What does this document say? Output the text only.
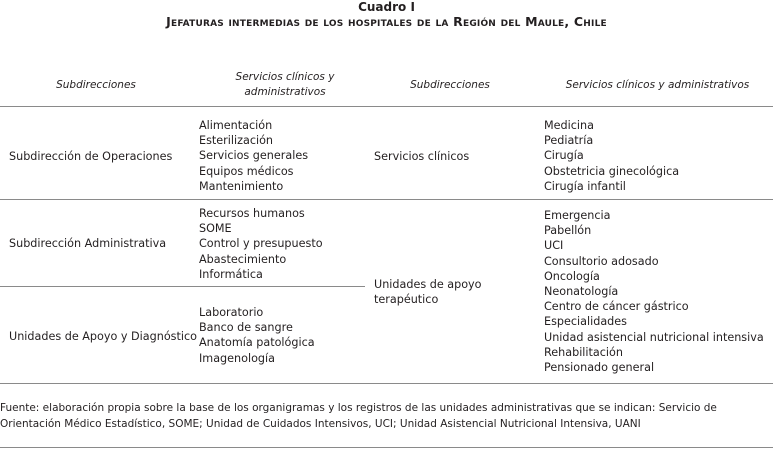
Cuadro I
Jefaturas intermedias de los hospitales de la Región del Maule, Chile
Subdirecciones
Servicios clínicos y administrativos
Subdirecciones	Servicios clínicos y administrativos
Subdirección de Operaciones
Alimentación
Esterilización
Servicios generales
Equipos médicos
Mantenimiento
Subdirección Administrativa
Recursos humanos
SOME
Control y presupuesto
Abastecimiento
Informática
Unidades de Apoyo y Diagnóstico
Laboratorio
Banco de sangre
Anatomía patológica
Imagenología
Servicios clínicos
Medicina
Pediatría
Cirugía
Obstetricia ginecológica
Cirugía infantil
Unidades de apoyo
terapéutico
Emergencia
Pabellón
UCI
Consultorio adosado
Oncología
Neonatología
Centro de cáncer gástrico
Especialidades
Unidad asistencial nutricional intensiva
Rehabilitación
Pensionado general
Fuente: elaboración propia sobre la base de los organigramas y los registros de las unidades administrativas que se indican: Servicio de Orientación Médico Estadístico, SOME; Unidad de Cuidados Intensivos, UCI; Unidad Asistencial Nutricional Intensiva, UANI
